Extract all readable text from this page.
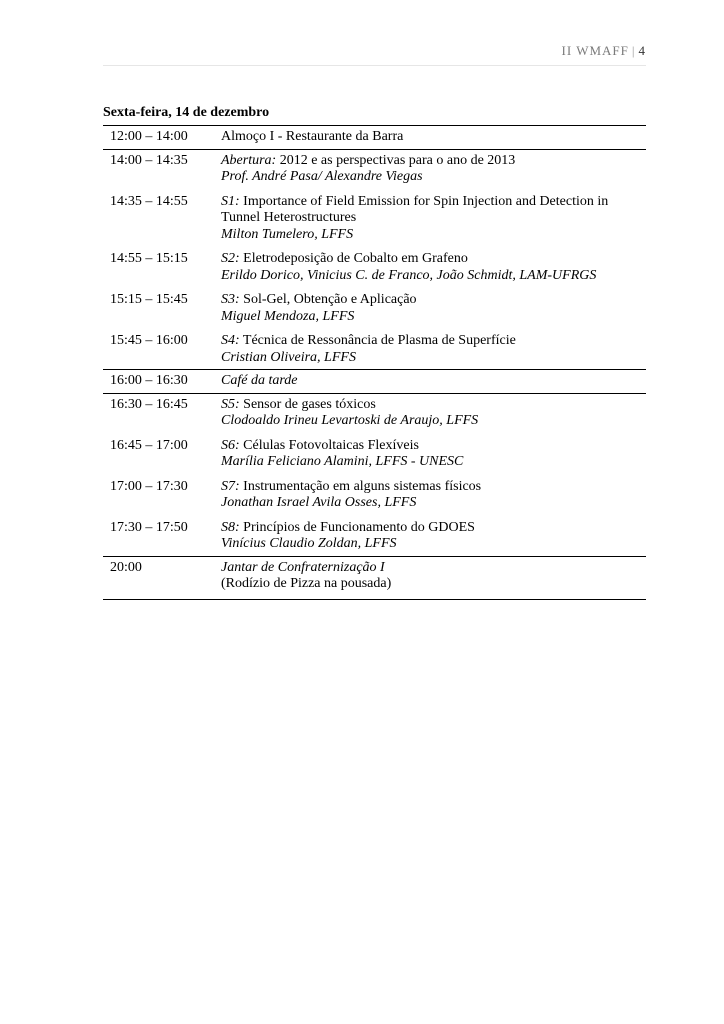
II WMAFF | 4
Sexta-feira, 14 de dezembro
12:00 – 14:00	Almoço I - Restaurante da Barra
14:00 – 14:35	Abertura: 2012 e as perspectivas para o ano de 2013
Prof. André Pasa/ Alexandre Viegas
14:35 – 14:55	S1: Importance of Field Emission for Spin Injection and Detection in Tunnel Heterostructures
Milton Tumelero, LFFS
14:55 – 15:15	S2: Eletrodeposição de Cobalto em Grafeno
Erildo Dorico, Vinicius C. de Franco, João Schmidt, LAM-UFRGS
15:15 – 15:45	S3: Sol-Gel, Obtenção e Aplicação
Miguel Mendoza, LFFS
15:45 – 16:00	S4: Técnica de Ressonância de Plasma de Superfície
Cristian Oliveira, LFFS
16:00 – 16:30	Café da tarde
16:30 – 16:45	S5: Sensor de gases tóxicos
Clodoaldo Irineu Levartoski de Araujo, LFFS
16:45 – 17:00	S6: Células Fotovoltaicas Flexíveis
Marília Feliciano Alamini, LFFS - UNESC
17:00 – 17:30	S7: Instrumentação em alguns sistemas físicos
Jonathan Israel Avila Osses, LFFS
17:30 – 17:50	S8: Princípios de Funcionamento do GDOES
Vinícius Claudio Zoldan, LFFS
20:00	Jantar de Confraternização I
(Rodízio de Pizza na pousada)
